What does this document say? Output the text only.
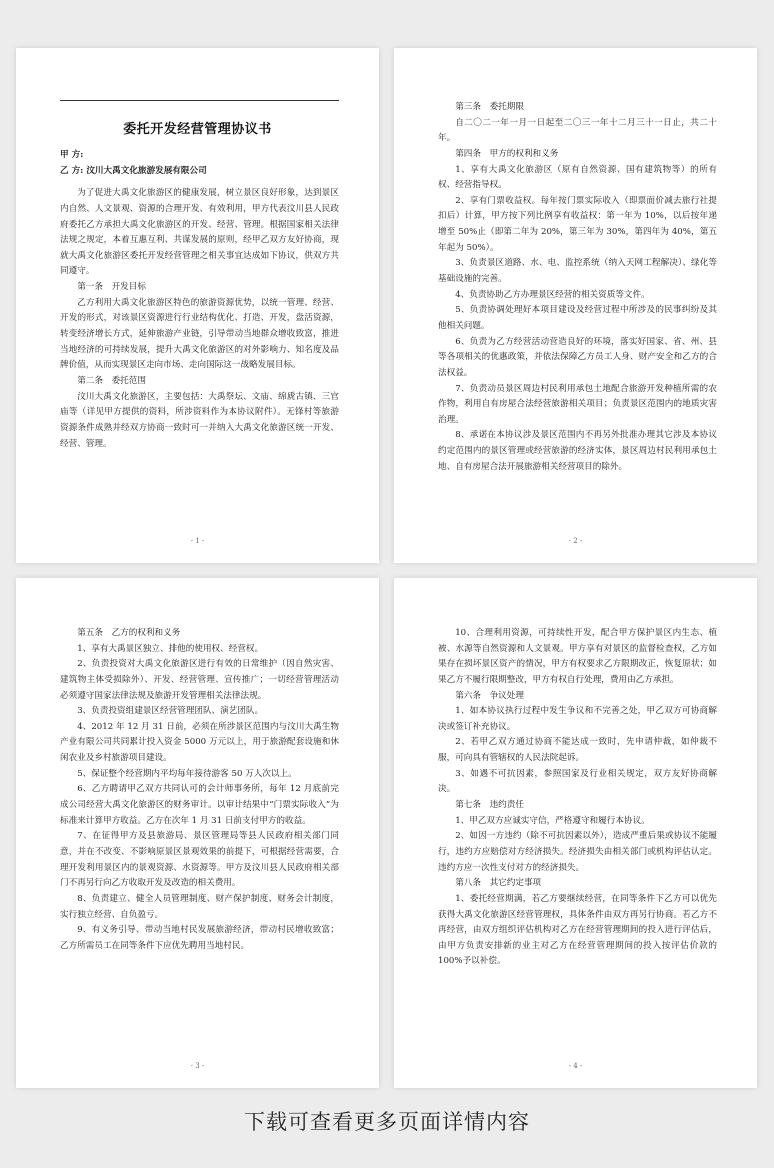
委托开发经营管理协议书

甲 方:

乙 方: 汶川大禹文化旅游发展有限公司

为了促进大禹文化旅游区的健康发展，树立景区良好形象，达到景区内自然、人文景观、资源的合理开发、有效利用，甲方代表汶川县人民政府委托乙方承担大禹文化旅游区的开发、经营、管理。根据国家相关法律法规之规定，本着互惠互利、共谋发展的原则，经甲乙双方友好协商，现就大禹文化旅游区委托开发经营管理之相关事宜达成如下协议，供双方共同遵守。

第一条　开发目标

乙方利用大禹文化旅游区特色的旅游资源优势，以统一管理、经营、开发的形式，对该景区资源进行行业结构优化、打造、开发，盘活资源，转变经济增长方式，延伸旅游产业链，引导带动当地群众增收致富，推进当地经济的可持续发展，提升大禹文化旅游区的对外影响力、知名度及品牌价值，从而实现景区走向市场、走向国际这一战略发展目标。

第二条　委托范围

汶川大禹文化旅游区，主要包括：大禹祭坛、文庙、绵虒古镇、三官庙等（详见甲方提供的资料，所涉资料作为本协议附件）。无锋村等旅游资源条件成熟并经双方协商一致时可一并纳入大禹文化旅游区统一开发、经营、管理。

- 1 -

第三条　委托期限

自二〇二一年一月一日起至二〇三一年十二月三十一日止，共二十年。

第四条　甲方的权利和义务

1、享有大禹文化旅游区（原有自然资源、国有建筑物等）的所有权、经营指导权。

2、享有门票收益权。每年按门票实际收入（即票面价减去旅行社提扣后）计算，甲方按下列比例享有收益权：第一年为 10%，以后按年递增至 50%止（即第二年为 20%，第三年为 30%，第四年为 40%，第五年起为 50%）。

3、负责景区道路、水、电、监控系统（纳入天网工程解决）、绿化等基础设施的完善。

4、负责协助乙方办理景区经营的相关资质等文件。

5、负责协调处理好本项目建设及经营过程中所涉及的民事纠纷及其他相关问题。

6、负责为乙方经营活动营造良好的环境，落实好国家、省、州、县等各项相关的优惠政策，并依法保障乙方员工人身、财产安全和乙方的合法权益。

7、负责动员景区周边村民利用承包土地配合旅游开发种植所需的农作物，利用自有房屋合法经营旅游相关项目；负责景区范围内的地质灾害治理。

8、承诺在本协议涉及景区范围内不再另外批准办理其它涉及本协议约定范围内的景区管理或经营旅游的经济实体，景区周边村民利用承包土地、自有房屋合法开展旅游相关经营项目的除外。

- 2 -

第五条　乙方的权利和义务

1、享有大禹景区独立、排他的使用权、经营权。

2、负责投资对大禹文化旅游区进行有效的日常维护（因自然灾害、建筑物主体受损除外）、开发、经营管理、宣传推广；一切经营管理活动必须遵守国家法律法规及旅游开发管理相关法律法规。

3、负责投资组建景区经营管理团队、演艺团队。

4、2012 年 12 月 31 日前，必须在所涉景区范围内与汶川大禹生物产业有限公司共同累计投入资金 5000 万元以上，用于旅游配套设施和休闲农业及乡村旅游项目建设。

5、保证整个经营期内平均每年接待游客 50 万人次以上。

6、乙方聘请甲乙双方共同认可的会计师事务所，每年 12 月底前完成公司经营大禹文化旅游区的财务审计。以审计结果中“门票实际收入”为标准来计算甲方收益。乙方在次年 1 月 31 日前支付甲方的收益。

7、在征得甲方及县旅游局、景区管理局等县人民政府相关部门同意，并在不改变、不影响原景区景观效果的前提下，可根据经营需要，合理开发利用景区内的景观资源、水资源等。甲方及汶川县人民政府相关部门不再另行向乙方收取开发及改造的相关费用。

8、负责建立、健全人员管理制度、财产保护制度、财务会计制度，实行独立经营、自负盈亏。

9、有义务引导、带动当地村民发展旅游经济，带动村民增收致富；乙方所需员工在同等条件下应优先聘用当地村民。

- 3 -

10、合理利用资源，可持续性开发，配合甲方保护景区内生态、植被、水源等自然资源和人文景观。甲方享有对景区的监督检查权，乙方如果存在损坏景区资产的情况，甲方有权要求乙方限期改正，恢复原状；如果乙方不履行限期整改，甲方有权自行处理，费用由乙方承担。

第六条　争议处理

1、如本协议执行过程中发生争议和不完善之处，甲乙双方可协商解决或签订补充协议。

2、若甲乙双方通过协商不能达成一致时，先申请仲裁，如仲裁不服，可向具有管辖权的人民法院起诉。

3、如遇不可抗因素，参照国家及行业相关规定，双方友好协商解决。

第七条　违约责任

1、甲乙双方应诚实守信，严格遵守和履行本协议。

2、如因一方违约（除不可抗因素以外），造成严重后果或协议不能履行，违约方应赔偿对方经济损失。经济损失由相关部门或机构评估认定。违约方应一次性支付对方的经济损失。

第八条　其它约定事项

1、委托经营期满，若乙方要继续经营，在同等条件下乙方可以优先获得大禹文化旅游区经营管理权，具体条件由双方再另行协商。若乙方不再经营，由双方组织评估机构对乙方在经营管理期间的投入进行评估后，由甲方负责安排新的业主对乙方在经营管理期间的投入按评估价款的 100%予以补偿。

- 4 -
下载可查看更多页面详情内容
